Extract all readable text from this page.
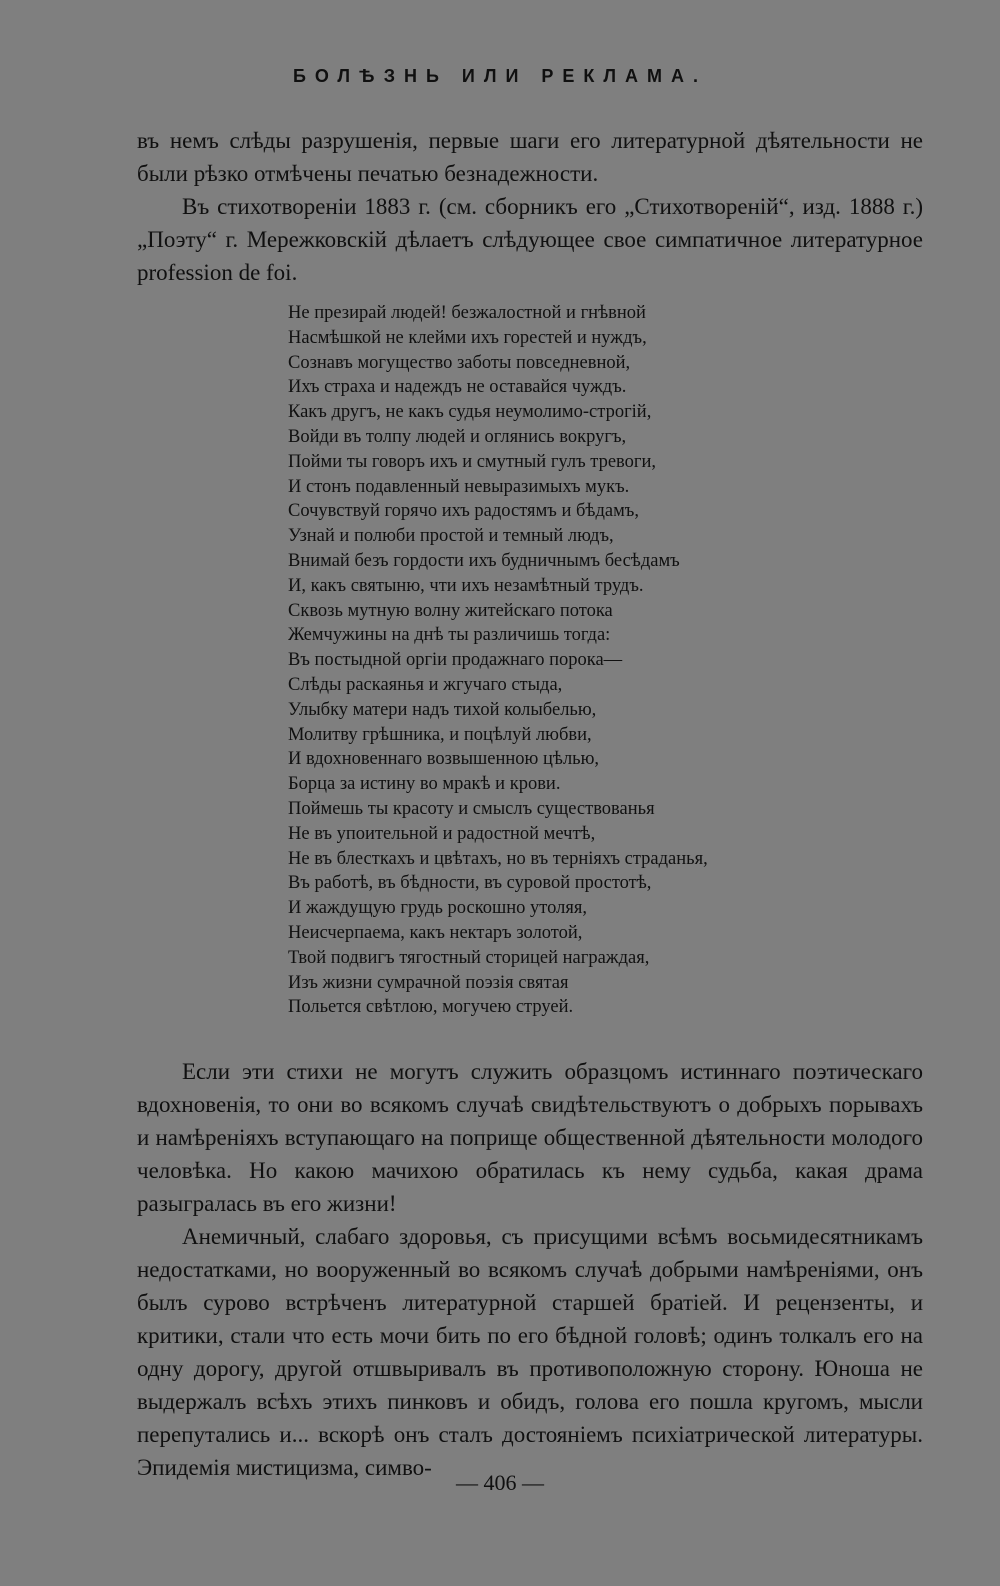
БОЛѢЗНЬ ИЛИ РЕКЛАМА.

въ немъ слѣды разрушенія, первые шаги его литературной дѣятельности не были рѣзко отмѣчены печатью безнадежности.

Въ стихотвореніи 1883 г. (см. сборникъ его „Стихотвореній“, изд. 1888 г.) „Поэту“ г. Мережковскій дѣлаетъ слѣдующее свое симпатичное литературное profession de foi.

Не презирай людей! безжалостной и гнѣвной
Насмѣшкой не клейми ихъ горестей и нуждъ,
Сознавъ могущество заботы повседневной,
Ихъ страха и надеждъ не оставайся чуждъ.
Какъ другъ, не какъ судья неумолимо-строгій,
Войди въ толпу людей и оглянись вокругъ,
Пойми ты говоръ ихъ и смутный гулъ тревоги,
И стонъ подавленный невыразимыхъ мукъ.
Сочувствуй горячо ихъ радостямъ и бѣдамъ,
Узнай и полюби простой и темный людъ,
Внимай безъ гордости ихъ будничнымъ бесѣдамъ
И, какъ святыню, чти ихъ незамѣтный трудъ.
Сквозь мутную волну житейскаго потока
Жемчужины на днѣ ты различишь тогда:
Въ постыдной оргіи продажнаго порока—
Слѣды раскаянья и жгучаго стыда,
Улыбку матери надъ тихой колыбелью,
Молитву грѣшника, и поцѣлуй любви,
И вдохновеннаго возвышенною цѣлью,
Борца за истину во мракѣ и крови.
Поймешь ты красоту и смыслъ существованья
Не въ упоительной и радостной мечтѣ,
Не въ блесткахъ и цвѣтахъ, но въ терніяхъ страданья,
Въ работѣ, въ бѣдности, въ суровой простотѣ,
И жаждущую грудь роскошно утоляя,
Неисчерпаема, какъ нектаръ золотой,
Твой подвигъ тягостный сторицей награждая,
Изъ жизни сумрачной поэзія святая
Польется свѣтлою, могучею струей.

Если эти стихи не могутъ служить образцомъ истиннаго поэтическаго вдохновенія, то они во всякомъ случаѣ свидѣтельствуютъ о добрыхъ порывахъ и намѣреніяхъ вступающаго на поприще общественной дѣятельности молодого человѣка. Но какою мачихою обратилась къ нему судьба, какая драма разыгралась въ его жизни!

Анемичный, слабаго здоровья, съ присущими всѣмъ восьмидесятникамъ недостатками, но вооруженный во всякомъ случаѣ добрыми намѣреніями, онъ былъ сурово встрѣченъ литературной старшей братіей. И рецензенты, и критики, стали что есть мочи бить по его бѣдной головѣ; одинъ толкалъ его на одну дорогу, другой отшвыривалъ въ противоположную сторону. Юноша не выдержалъ всѣхъ этихъ пинковъ и обидъ, голова его пошла кругомъ, мысли перепутались и... вскорѣ онъ сталъ достояніемъ психіатрической литературы. Эпидемія мистицизма, симво-

— 406 —
